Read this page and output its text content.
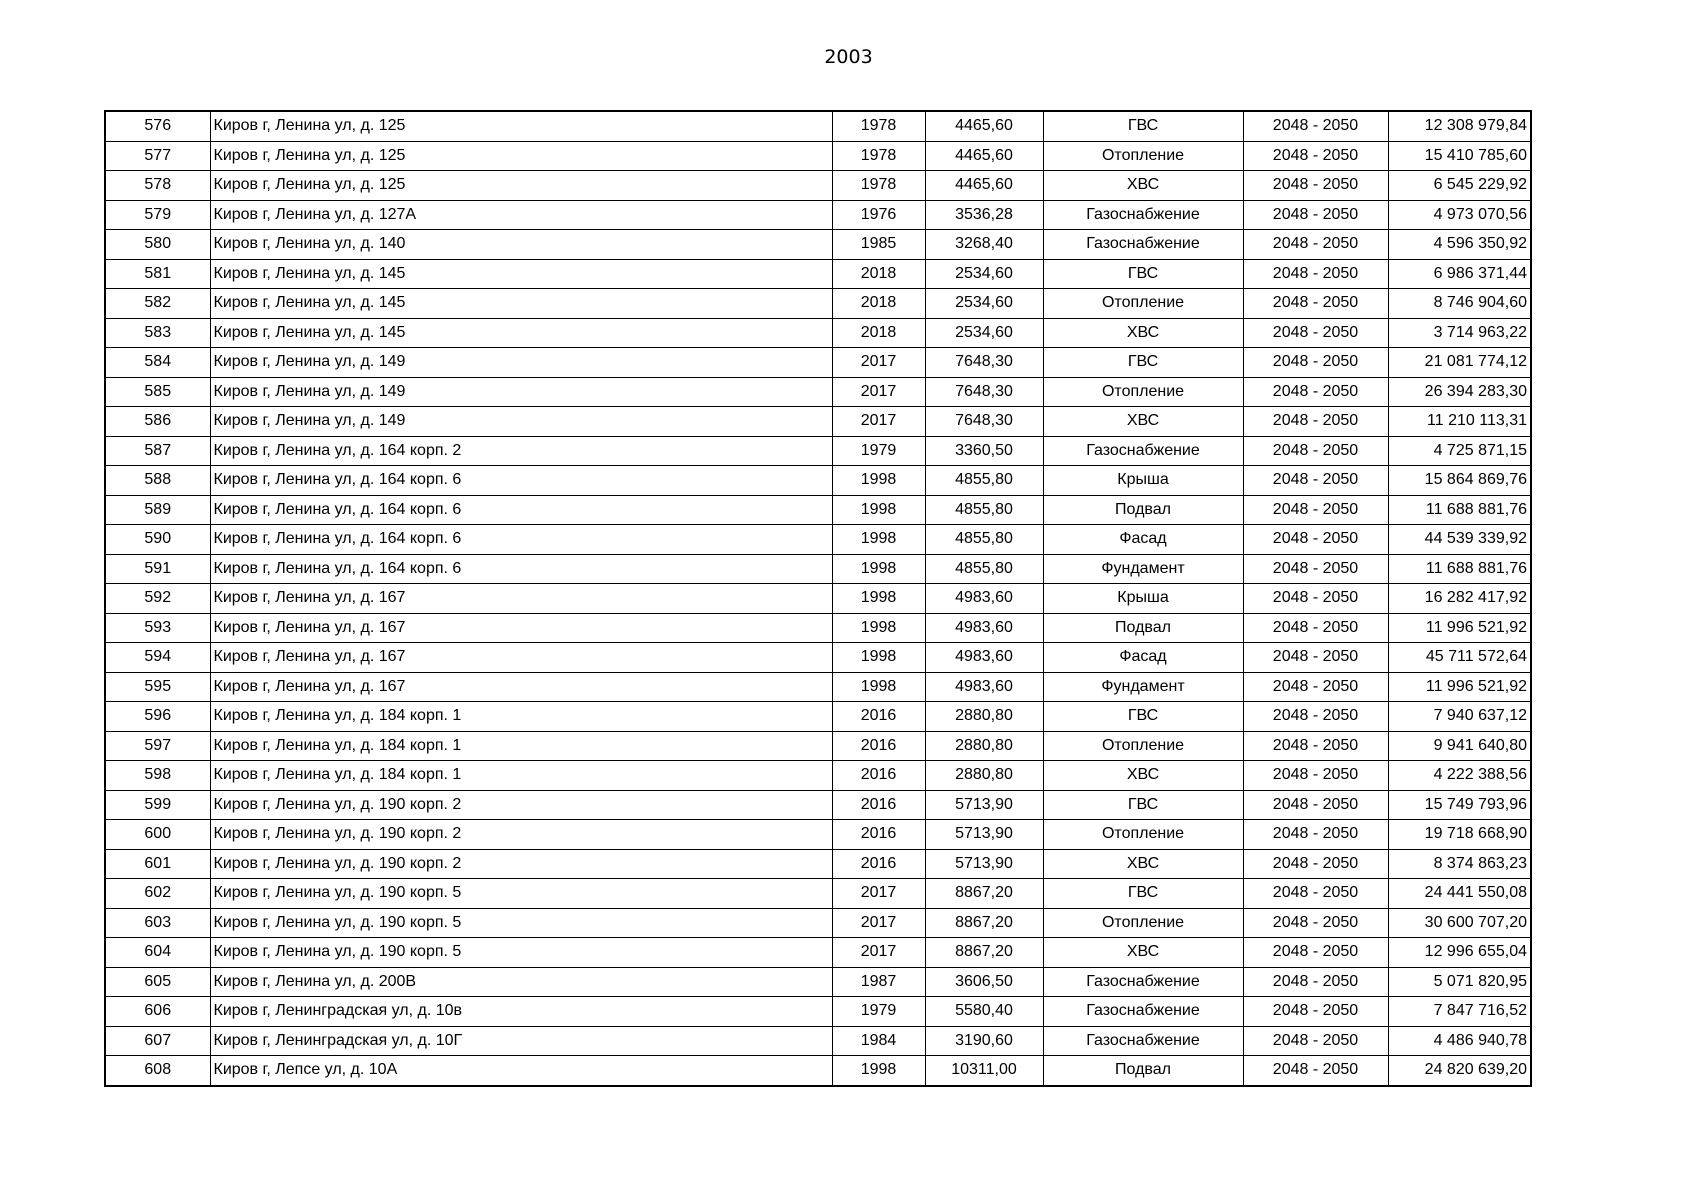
2003
576	Киров г, Ленина ул, д. 125	1978	4465,60	ГВС	2048 - 2050	12 308 979,84
577	Киров г, Ленина ул, д. 125	1978	4465,60	Отопление	2048 - 2050	15 410 785,60
578	Киров г, Ленина ул, д. 125	1978	4465,60	ХВС	2048 - 2050	6 545 229,92
579	Киров г, Ленина ул, д. 127А	1976	3536,28	Газоснабжение	2048 - 2050	4 973 070,56
580	Киров г, Ленина ул, д. 140	1985	3268,40	Газоснабжение	2048 - 2050	4 596 350,92
581	Киров г, Ленина ул, д. 145	2018	2534,60	ГВС	2048 - 2050	6 986 371,44
582	Киров г, Ленина ул, д. 145	2018	2534,60	Отопление	2048 - 2050	8 746 904,60
583	Киров г, Ленина ул, д. 145	2018	2534,60	ХВС	2048 - 2050	3 714 963,22
584	Киров г, Ленина ул, д. 149	2017	7648,30	ГВС	2048 - 2050	21 081 774,12
585	Киров г, Ленина ул, д. 149	2017	7648,30	Отопление	2048 - 2050	26 394 283,30
586	Киров г, Ленина ул, д. 149	2017	7648,30	ХВС	2048 - 2050	11 210 113,31
587	Киров г, Ленина ул, д. 164 корп. 2	1979	3360,50	Газоснабжение	2048 - 2050	4 725 871,15
588	Киров г, Ленина ул, д. 164 корп. 6	1998	4855,80	Крыша	2048 - 2050	15 864 869,76
589	Киров г, Ленина ул, д. 164 корп. 6	1998	4855,80	Подвал	2048 - 2050	11 688 881,76
590	Киров г, Ленина ул, д. 164 корп. 6	1998	4855,80	Фасад	2048 - 2050	44 539 339,92
591	Киров г, Ленина ул, д. 164 корп. 6	1998	4855,80	Фундамент	2048 - 2050	11 688 881,76
592	Киров г, Ленина ул, д. 167	1998	4983,60	Крыша	2048 - 2050	16 282 417,92
593	Киров г, Ленина ул, д. 167	1998	4983,60	Подвал	2048 - 2050	11 996 521,92
594	Киров г, Ленина ул, д. 167	1998	4983,60	Фасад	2048 - 2050	45 711 572,64
595	Киров г, Ленина ул, д. 167	1998	4983,60	Фундамент	2048 - 2050	11 996 521,92
596	Киров г, Ленина ул, д. 184 корп. 1	2016	2880,80	ГВС	2048 - 2050	7 940 637,12
597	Киров г, Ленина ул, д. 184 корп. 1	2016	2880,80	Отопление	2048 - 2050	9 941 640,80
598	Киров г, Ленина ул, д. 184 корп. 1	2016	2880,80	ХВС	2048 - 2050	4 222 388,56
599	Киров г, Ленина ул, д. 190 корп. 2	2016	5713,90	ГВС	2048 - 2050	15 749 793,96
600	Киров г, Ленина ул, д. 190 корп. 2	2016	5713,90	Отопление	2048 - 2050	19 718 668,90
601	Киров г, Ленина ул, д. 190 корп. 2	2016	5713,90	ХВС	2048 - 2050	8 374 863,23
602	Киров г, Ленина ул, д. 190 корп. 5	2017	8867,20	ГВС	2048 - 2050	24 441 550,08
603	Киров г, Ленина ул, д. 190 корп. 5	2017	8867,20	Отопление	2048 - 2050	30 600 707,20
604	Киров г, Ленина ул, д. 190 корп. 5	2017	8867,20	ХВС	2048 - 2050	12 996 655,04
605	Киров г, Ленина ул, д. 200В	1987	3606,50	Газоснабжение	2048 - 2050	5 071 820,95
606	Киров г, Ленинградская ул, д. 10в	1979	5580,40	Газоснабжение	2048 - 2050	7 847 716,52
607	Киров г, Ленинградская ул, д. 10Г	1984	3190,60	Газоснабжение	2048 - 2050	4 486 940,78
608	Киров г, Лепсе ул, д. 10А	1998	10311,00	Подвал	2048 - 2050	24 820 639,20
